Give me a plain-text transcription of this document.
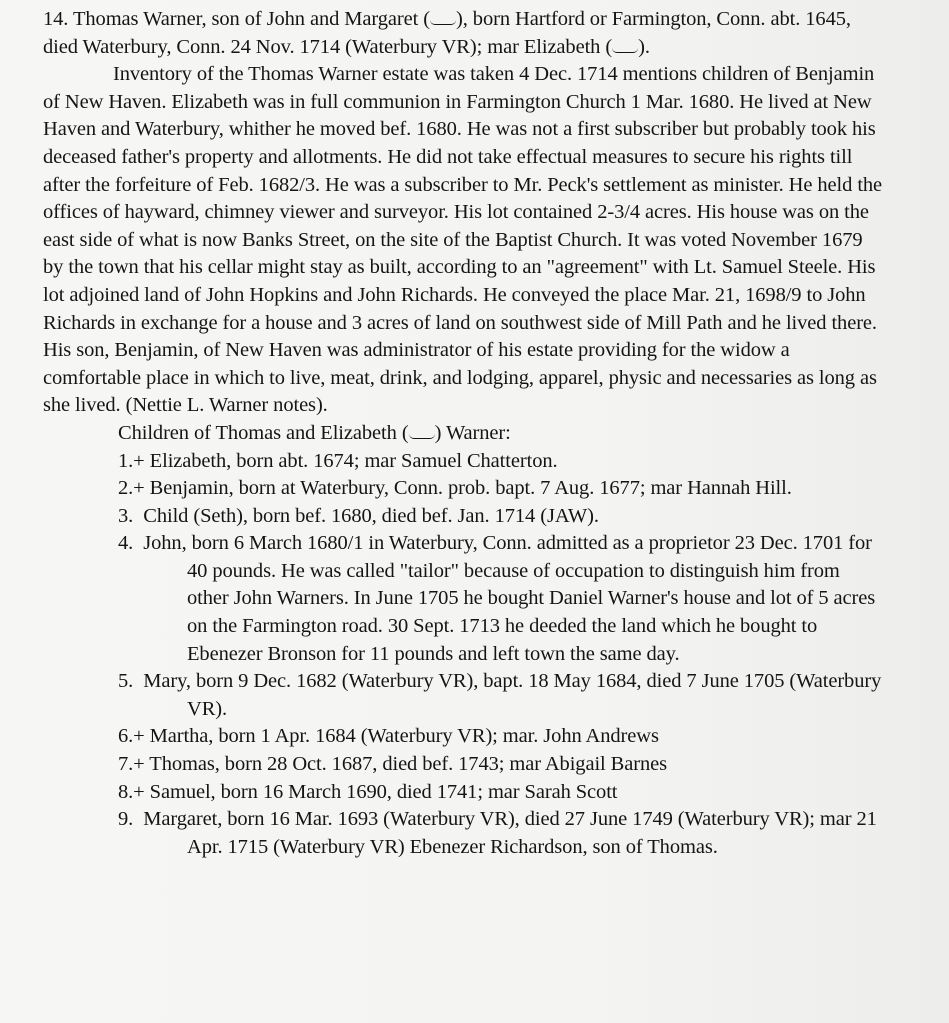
14. Thomas Warner, son of John and Margaret ( ), born Hartford or Farmington, Conn. abt. 1645, died Waterbury, Conn. 24 Nov. 1714 (Waterbury VR); mar Elizabeth ( ).

Inventory of the Thomas Warner estate was taken 4 Dec. 1714 mentions children of Benjamin of New Haven. Elizabeth was in full communion in Farmington Church 1 Mar. 1680. He lived at New Haven and Waterbury, whither he moved bef. 1680. He was not a first subscriber but probably took his deceased father's property and allotments. He did not take effectual measures to secure his rights till after the forfeiture of Feb. 1682/3. He was a subscriber to Mr. Peck's settlement as minister. He held the offices of hayward, chimney viewer and surveyor. His lot contained 2-3/4 acres. His house was on the east side of what is now Banks Street, on the site of the Baptist Church. It was voted November 1679 by the town that his cellar might stay as built, according to an "agreement" with Lt. Samuel Steele. His lot adjoined land of John Hopkins and John Richards. He conveyed the place Mar. 21, 1698/9 to John Richards in exchange for a house and 3 acres of land on southwest side of Mill Path and he lived there. His son, Benjamin, of New Haven was administrator of his estate providing for the widow a comfortable place in which to live, meat, drink, and lodging, apparel, physic and necessaries as long as she lived. (Nettie L. Warner notes).

Children of Thomas and Elizabeth ( ) Warner:

1.+ Elizabeth, born abt. 1674; mar Samuel Chatterton.

2.+ Benjamin, born at Waterbury, Conn. prob. bapt. 7 Aug. 1677; mar Hannah Hill.

3. Child (Seth), born bef. 1680, died bef. Jan. 1714 (JAW).

4. John, born 6 March 1680/1 in Waterbury, Conn. admitted as a proprietor 23 Dec. 1701 for 40 pounds. He was called "tailor" because of occupation to distinguish him from other John Warners. In June 1705 he bought Daniel Warner's house and lot of 5 acres on the Farmington road. 30 Sept. 1713 he deeded the land which he bought to Ebenezer Bronson for 11 pounds and left town the same day.

5. Mary, born 9 Dec. 1682 (Waterbury VR), bapt. 18 May 1684, died 7 June 1705 (Waterbury VR).

6.+ Martha, born 1 Apr. 1684 (Waterbury VR); mar. John Andrews

7.+ Thomas, born 28 Oct. 1687, died bef. 1743; mar Abigail Barnes

8.+ Samuel, born 16 March 1690, died 1741; mar Sarah Scott

9. Margaret, born 16 Mar. 1693 (Waterbury VR), died 27 June 1749 (Waterbury VR); mar 21 Apr. 1715 (Waterbury VR) Ebenezer Richardson, son of Thomas.
